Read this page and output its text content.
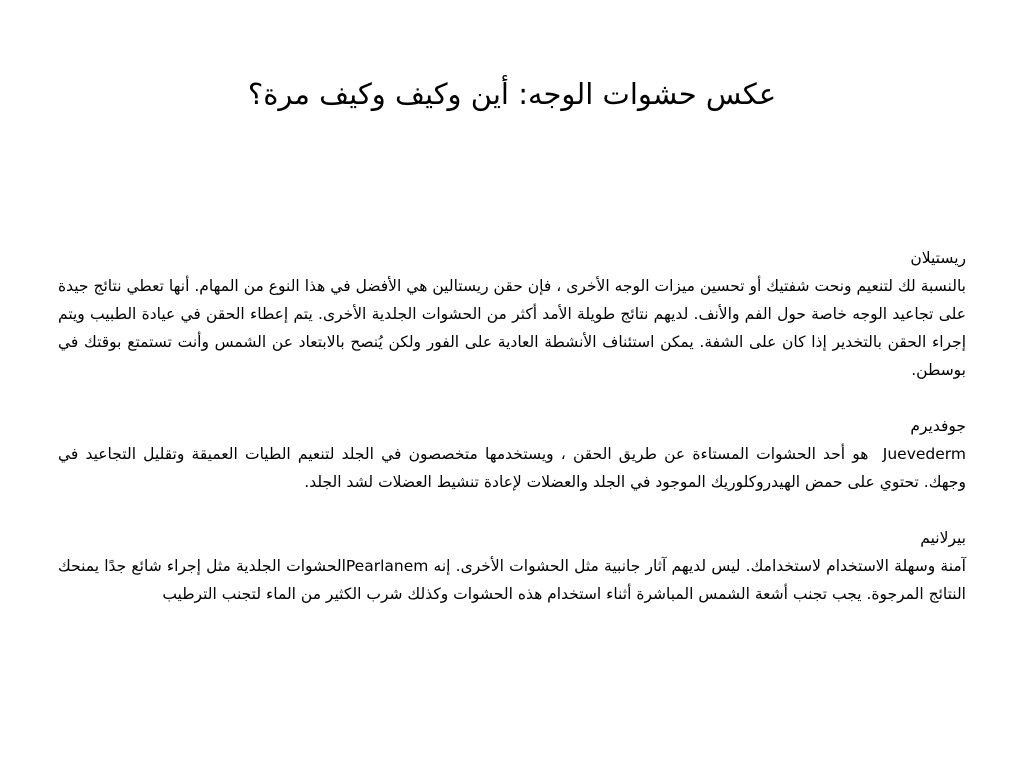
عكس حشوات الوجه: أين وكيف وكيف مرة؟

ريستيلان

بالنسبة لك لتنعيم ونحت شفتيك أو تحسين ميزات الوجه الأخرى ، فإن حقن ريستالين هي الأفضل في هذا النوع من المهام. أنها تعطي نتائج جيدة على تجاعيد الوجه خاصة حول الفم والأنف. لديهم نتائج طويلة الأمد أكثر من الحشوات الجلدية الأخرى. يتم إعطاء الحقن في عيادة الطبيب ويتم إجراء الحقن بالتخدير إذا كان على الشفة. يمكن استئناف الأنشطة العادية على الفور ولكن يُنصح بالابتعاد عن الشمس وأنت تستمتع بوقتك في بوسطن.

جوفديرم

Juevederm  هو أحد الحشوات المستاءة عن طريق الحقن ، ويستخدمها متخصصون في الجلد لتنعيم الطيات العميقة وتقليل التجاعيد في وجهك. تحتوي على حمض الهيدروكلوريك الموجود في الجلد والعضلات لإعادة تنشيط العضلات لشد الجلد.

بيرلانيم

آمنة وسهلة الاستخدام لاستخدامك. ليس لديهم آثار جانبية مثل الحشوات الأخرى. إنه Pearlanemالحشوات الجلدية مثل إجراء شائع جدًا يمنحك النتائج المرجوة. يجب تجنب أشعة الشمس المباشرة أثناء استخدام هذه الحشوات وكذلك شرب الكثير من الماء لتجنب الترطيب
